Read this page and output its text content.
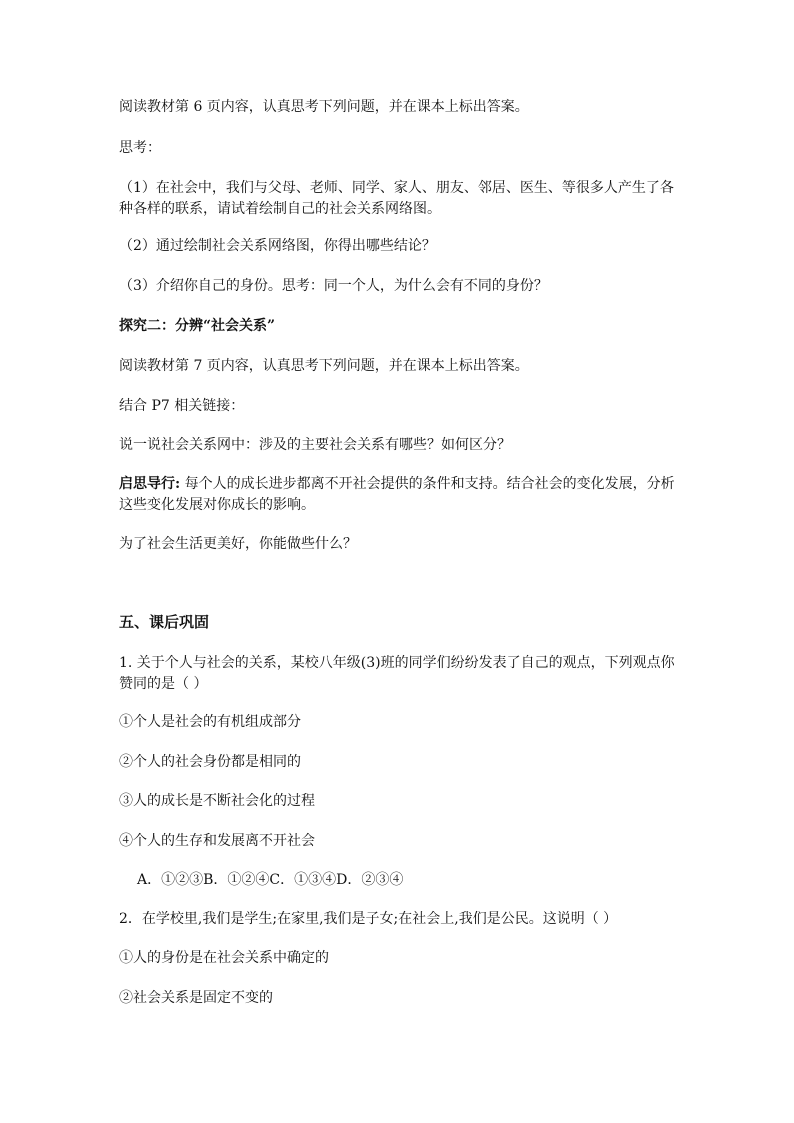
阅读教材第 6 页内容，认真思考下列问题，并在课本上标出答案。
思考：
（1）在社会中，我们与父母、老师、同学、家人、朋友、邻居、医生、等很多人产生了各
种各样的联系，请试着绘制自己的社会关系网络图。
（2）通过绘制社会关系网络图，你得出哪些结论？
（3）介绍你自己的身份。思考：同一个人，为什么会有不同的身份？
探究二：分辨“社会关系”
阅读教材第 7 页内容，认真思考下列问题，并在课本上标出答案。
结合 P7 相关链接：
说一说社会关系网中：涉及的主要社会关系有哪些？如何区分？
启思导行: 每个人的成长进步都离不开社会提供的条件和支持。结合社会的变化发展，分析
这些变化发展对你成长的影响。
为了社会生活更美好，你能做些什么？
五、课后巩固
1. 关于个人与社会的关系，某校八年级(3)班的同学们纷纷发表了自己的观点，下列观点你
赞同的是（ ）
①个人是社会的有机组成部分
②个人的社会身份都是相同的
③人的成长是不断社会化的过程
④个人的生存和发展离不开社会
A．①②③B．①②④C．①③④D．②③④
2．在学校里,我们是学生;在家里,我们是子女;在社会上,我们是公民。这说明（ ）
①人的身份是在社会关系中确定的
②社会关系是固定不变的
